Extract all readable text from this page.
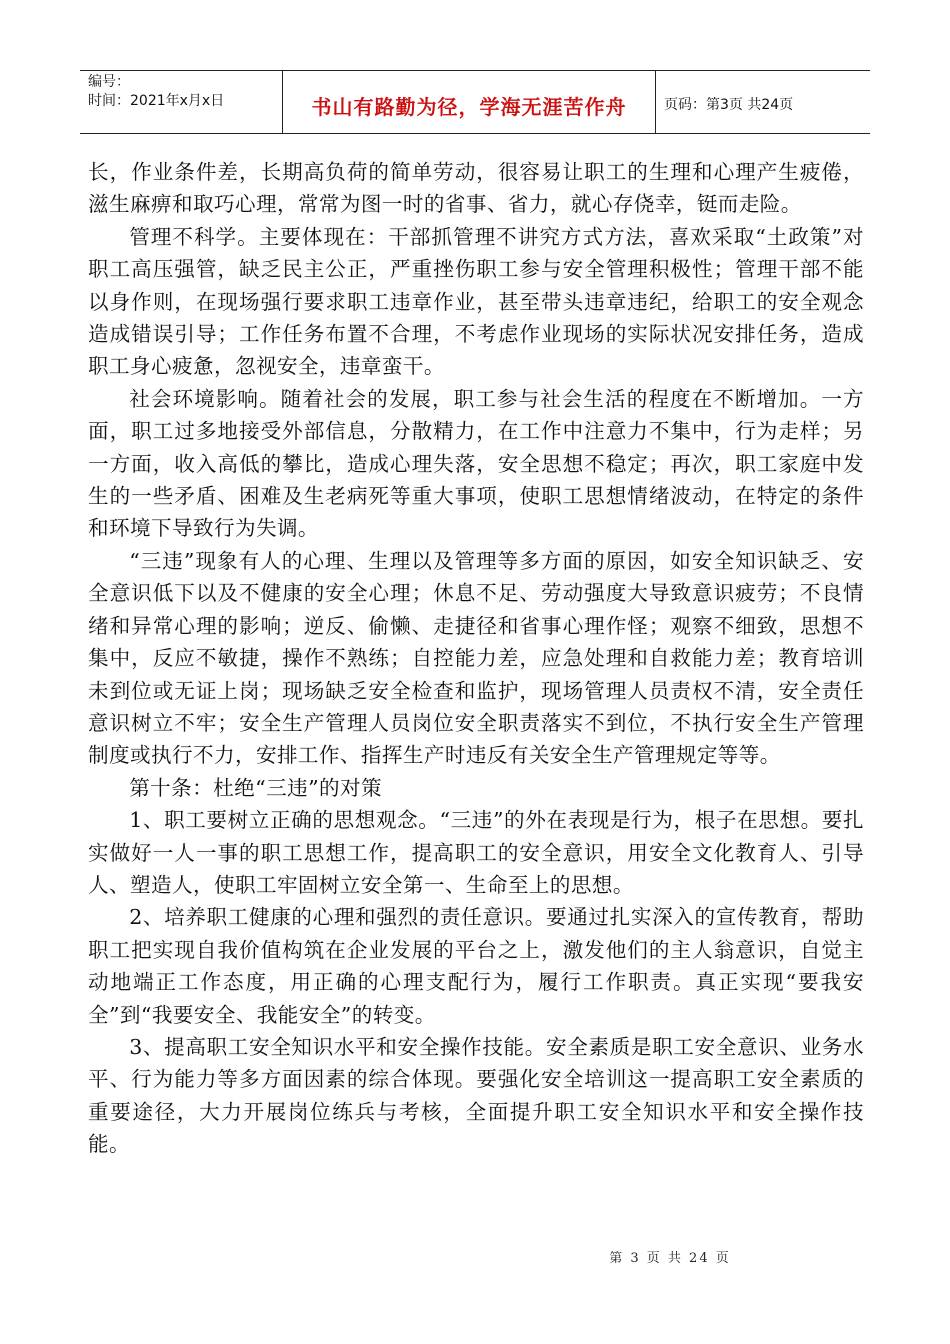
编号：
时间：2021年x月x日	书山有路勤为径，学海无涯苦作舟	页码：第3页 共24页

长，作业条件差，长期高负荷的简单劳动，很容易让职工的生理和心理产生疲倦，滋生麻痹和取巧心理，常常为图一时的省事、省力，就心存侥幸，铤而走险。

管理不科学。主要体现在：干部抓管理不讲究方式方法，喜欢采取“土政策”对职工高压强管，缺乏民主公正，严重挫伤职工参与安全管理积极性；管理干部不能以身作则，在现场强行要求职工违章作业，甚至带头违章违纪，给职工的安全观念造成错误引导；工作任务布置不合理，不考虑作业现场的实际状况安排任务，造成职工身心疲惫，忽视安全，违章蛮干。

社会环境影响。随着社会的发展，职工参与社会生活的程度在不断增加。一方面，职工过多地接受外部信息，分散精力，在工作中注意力不集中，行为走样；另一方面，收入高低的攀比，造成心理失落，安全思想不稳定；再次，职工家庭中发生的一些矛盾、困难及生老病死等重大事项，使职工思想情绪波动，在特定的条件和环境下导致行为失调。

“三违”现象有人的心理、生理以及管理等多方面的原因，如安全知识缺乏、安全意识低下以及不健康的安全心理；休息不足、劳动强度大导致意识疲劳；不良情绪和异常心理的影响；逆反、偷懒、走捷径和省事心理作怪；观察不细致，思想不集中，反应不敏捷，操作不熟练；自控能力差，应急处理和自救能力差；教育培训未到位或无证上岗；现场缺乏安全检查和监护，现场管理人员责权不清，安全责任意识树立不牢；安全生产管理人员岗位安全职责落实不到位，不执行安全生产管理制度或执行不力，安排工作、指挥生产时违反有关安全生产管理规定等等。

第十条：杜绝“三违”的对策

1、职工要树立正确的思想观念。“三违”的外在表现是行为，根子在思想。要扎实做好一人一事的职工思想工作，提高职工的安全意识，用安全文化教育人、引导人、塑造人，使职工牢固树立安全第一、生命至上的思想。

2、培养职工健康的心理和强烈的责任意识。要通过扎实深入的宣传教育，帮助职工把实现自我价值构筑在企业发展的平台之上，激发他们的主人翁意识，自觉主动地端正工作态度，用正确的心理支配行为，履行工作职责。真正实现“要我安全”到“我要安全、我能安全”的转变。

3、提高职工安全知识水平和安全操作技能。安全素质是职工安全意识、业务水平、行为能力等多方面因素的综合体现。要强化安全培训这一提高职工安全素质的重要途径，大力开展岗位练兵与考核，全面提升职工安全知识水平和安全操作技能。

第 3 页 共 24 页
